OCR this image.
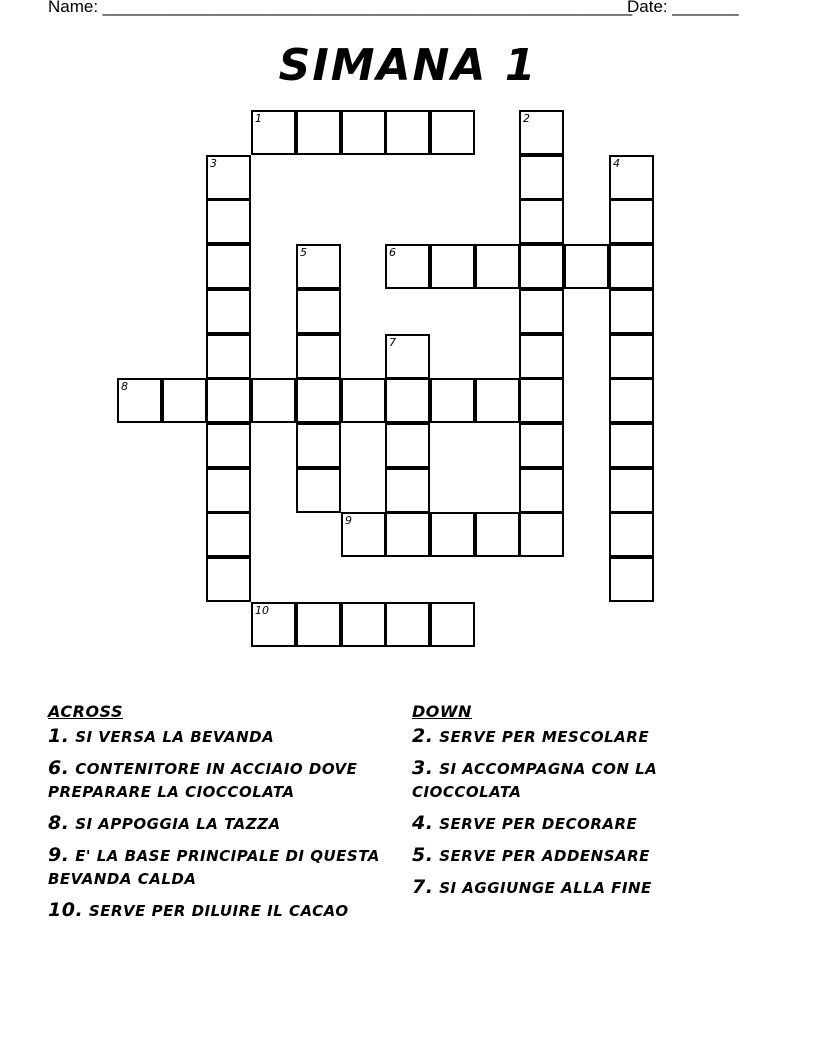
Name: ________________________________________________________
Date: _______
SIMANA 1
1	2
3	4
5	6
7
8
9
10
ACROSS
1. SI VERSA LA BEVANDA
6. CONTENITORE IN ACCIAIO DOVE PREPARARE LA CIOCCOLATA
8. SI APPOGGIA LA TAZZA
9. E' LA BASE PRINCIPALE DI QUESTA BEVANDA CALDA
10. SERVE PER DILUIRE IL CACAO
DOWN
2. SERVE PER MESCOLARE
3. SI ACCOMPAGNA CON LA CIOCCOLATA
4. SERVE PER DECORARE
5. SERVE PER ADDENSARE
7. SI AGGIUNGE ALLA FINE
